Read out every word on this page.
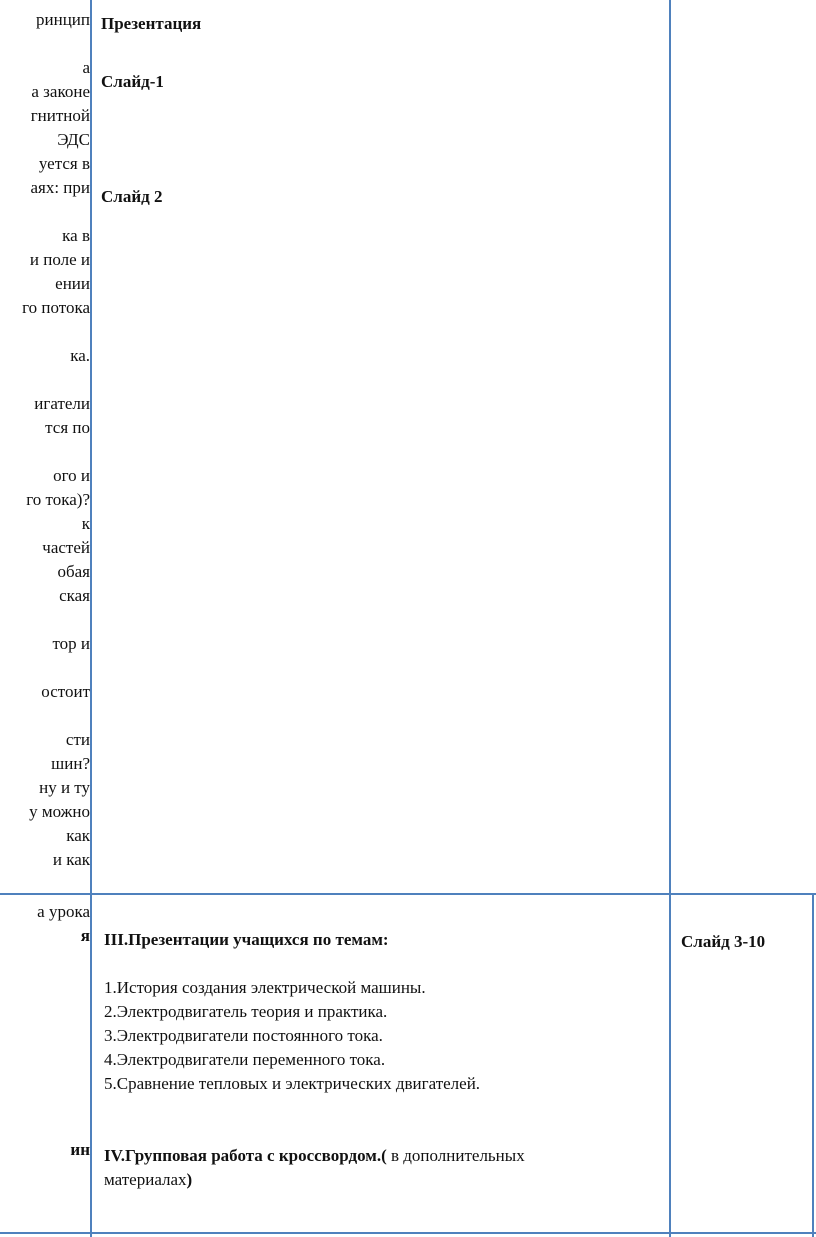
ринцип
а
а законе
гнитной
ЭДС
уется в
аях: при
ка в
и поле и
ении
го потока
ка.
игатели
тся по
ого и
го тока)?
к
частей
обая
ская
тор и
остоит
сти
шин?
ну и ту
у можно
как
и как
а урока
я
ин
Презентация
Слайд-1
Слайд 2
III.Презентации учащихся по темам:
1.История создания электрической машины.
2.Электродвигатель теория и практика.
3.Электродвигатели постоянного тока.
4.Электродвигатели переменного тока.
5.Сравнение тепловых и электрических двигателей.
IV.Групповая работа с кроссвордом.( в дополнительных
материалах)
Слайд 3-10
